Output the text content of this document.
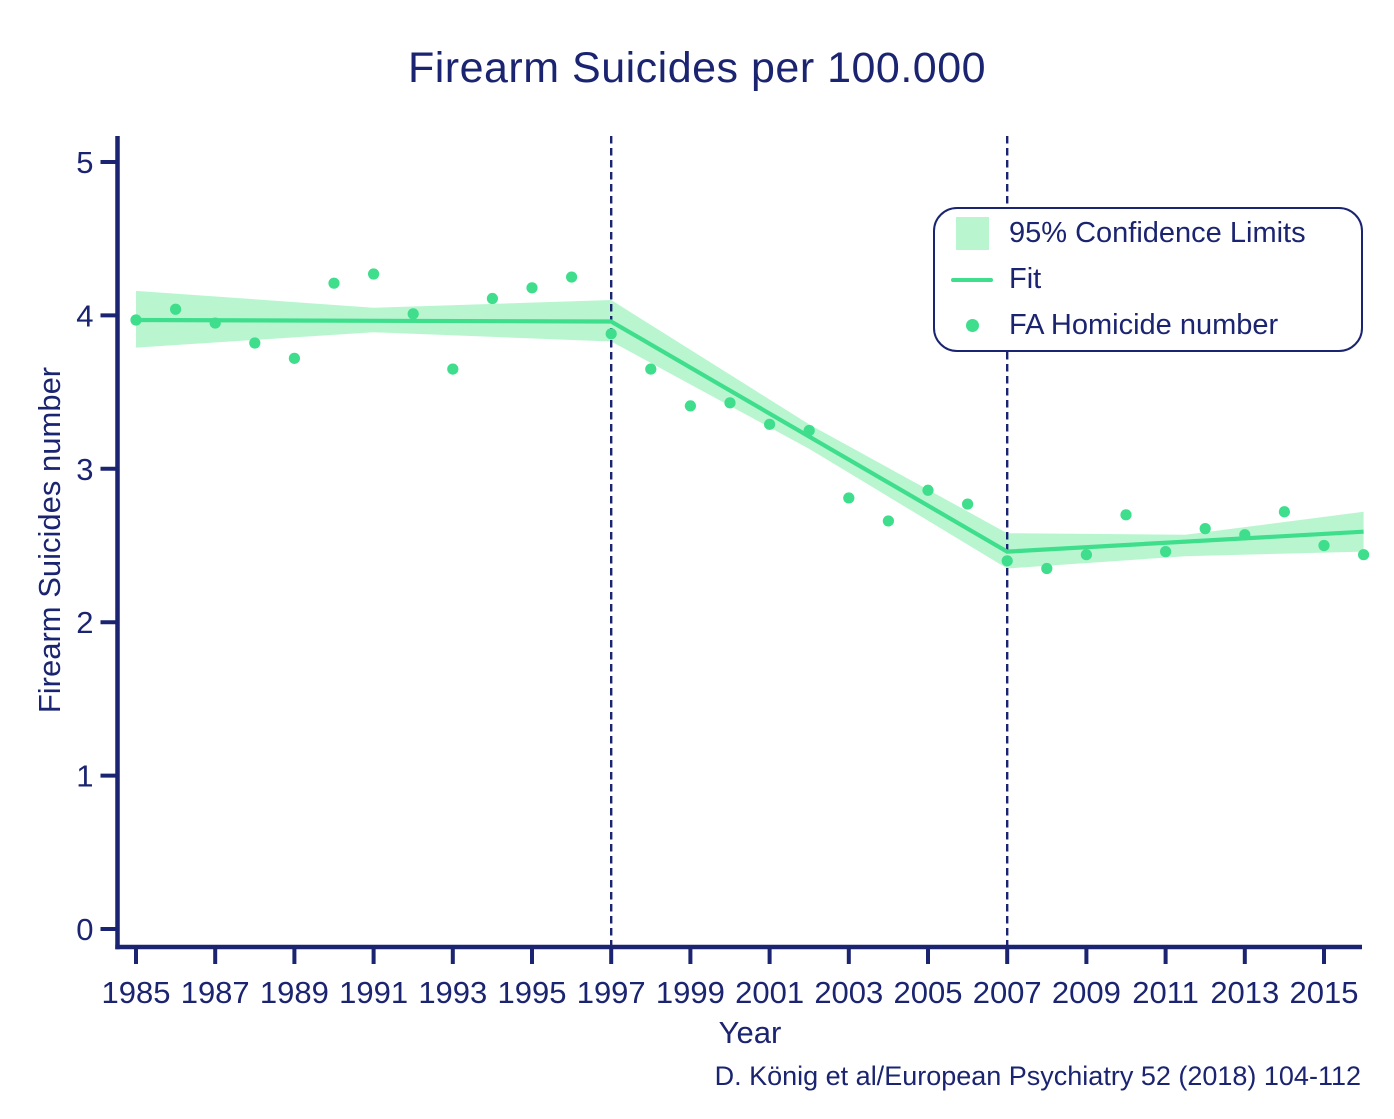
0
1
2
3
4
5
1985 1987 1989 1991 1993 1995 1997 1999 2001 2003 2005 2007 2009 2011 2013 2015
Firearm Suicides per 100.000
Firearm Suicides number
Year
D. König et al/European Psychiatry 52 (2018) 104-112
95% Confidence Limits
Fit
FA Homicide number
